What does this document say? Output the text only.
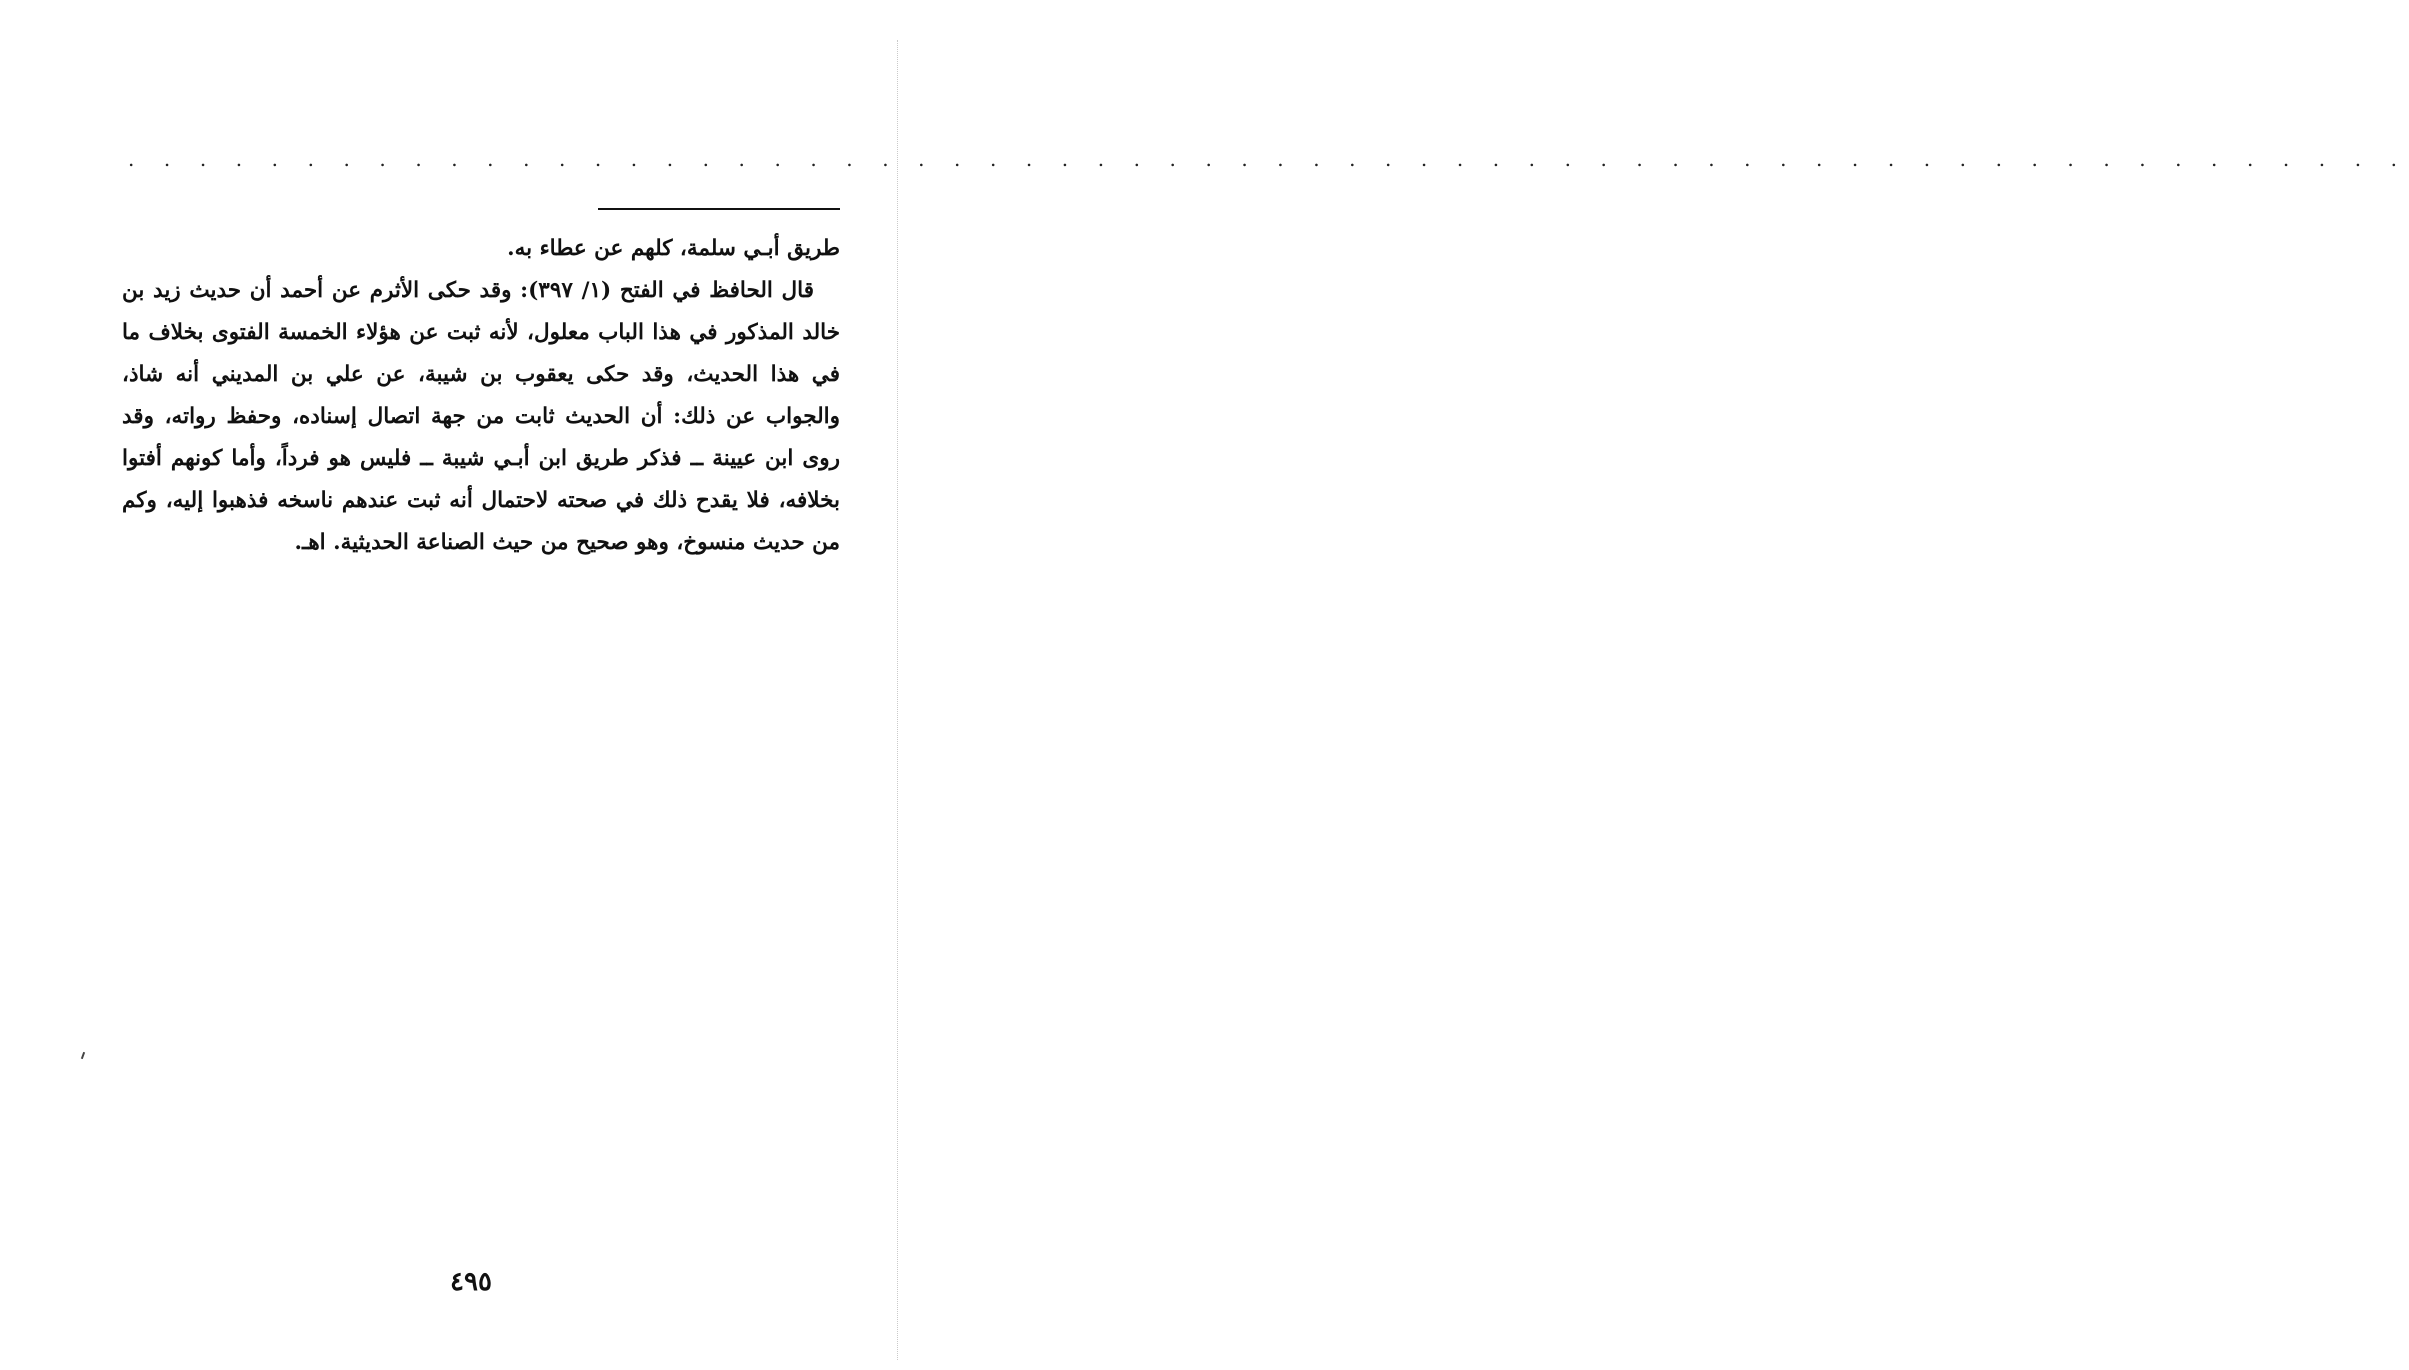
. . . . . . . . . . . . . . . . . . . . . . . . . . . . . . . . . . . . . . . . . . . . . . . . . . . . . . . . . . . . . . . .
طريق أبـي سلمة، كلهم عن عطاء به.
قال الحافظ في الفتح (١/ ٣٩٧): وقد حكى الأثرم عن أحمد أن حديث زيد بن
خالد المذكور في هذا الباب معلول، لأنه ثبت عن هؤلاء الخمسة الفتوى بخلاف ما
في هذا الحديث، وقد حكى يعقوب بن شيبة، عن علي بن المديني أنه شاذ،
والجواب عن ذلك: أن الحديث ثابت من جهة اتصال إسناده، وحفظ رواته، وقد
روى ابن عيينة ــ فذكر طريق ابن أبـي شيبة ــ فليس هو فرداً، وأما كونهم أفتوا
بخلافه، فلا يقدح ذلك في صحته لاحتمال أنه ثبت عندهم ناسخه فذهبوا إليه، وكم
من حديث منسوخ، وهو صحيح من حيث الصناعة الحديثية. اهـ.
٤٩٥
